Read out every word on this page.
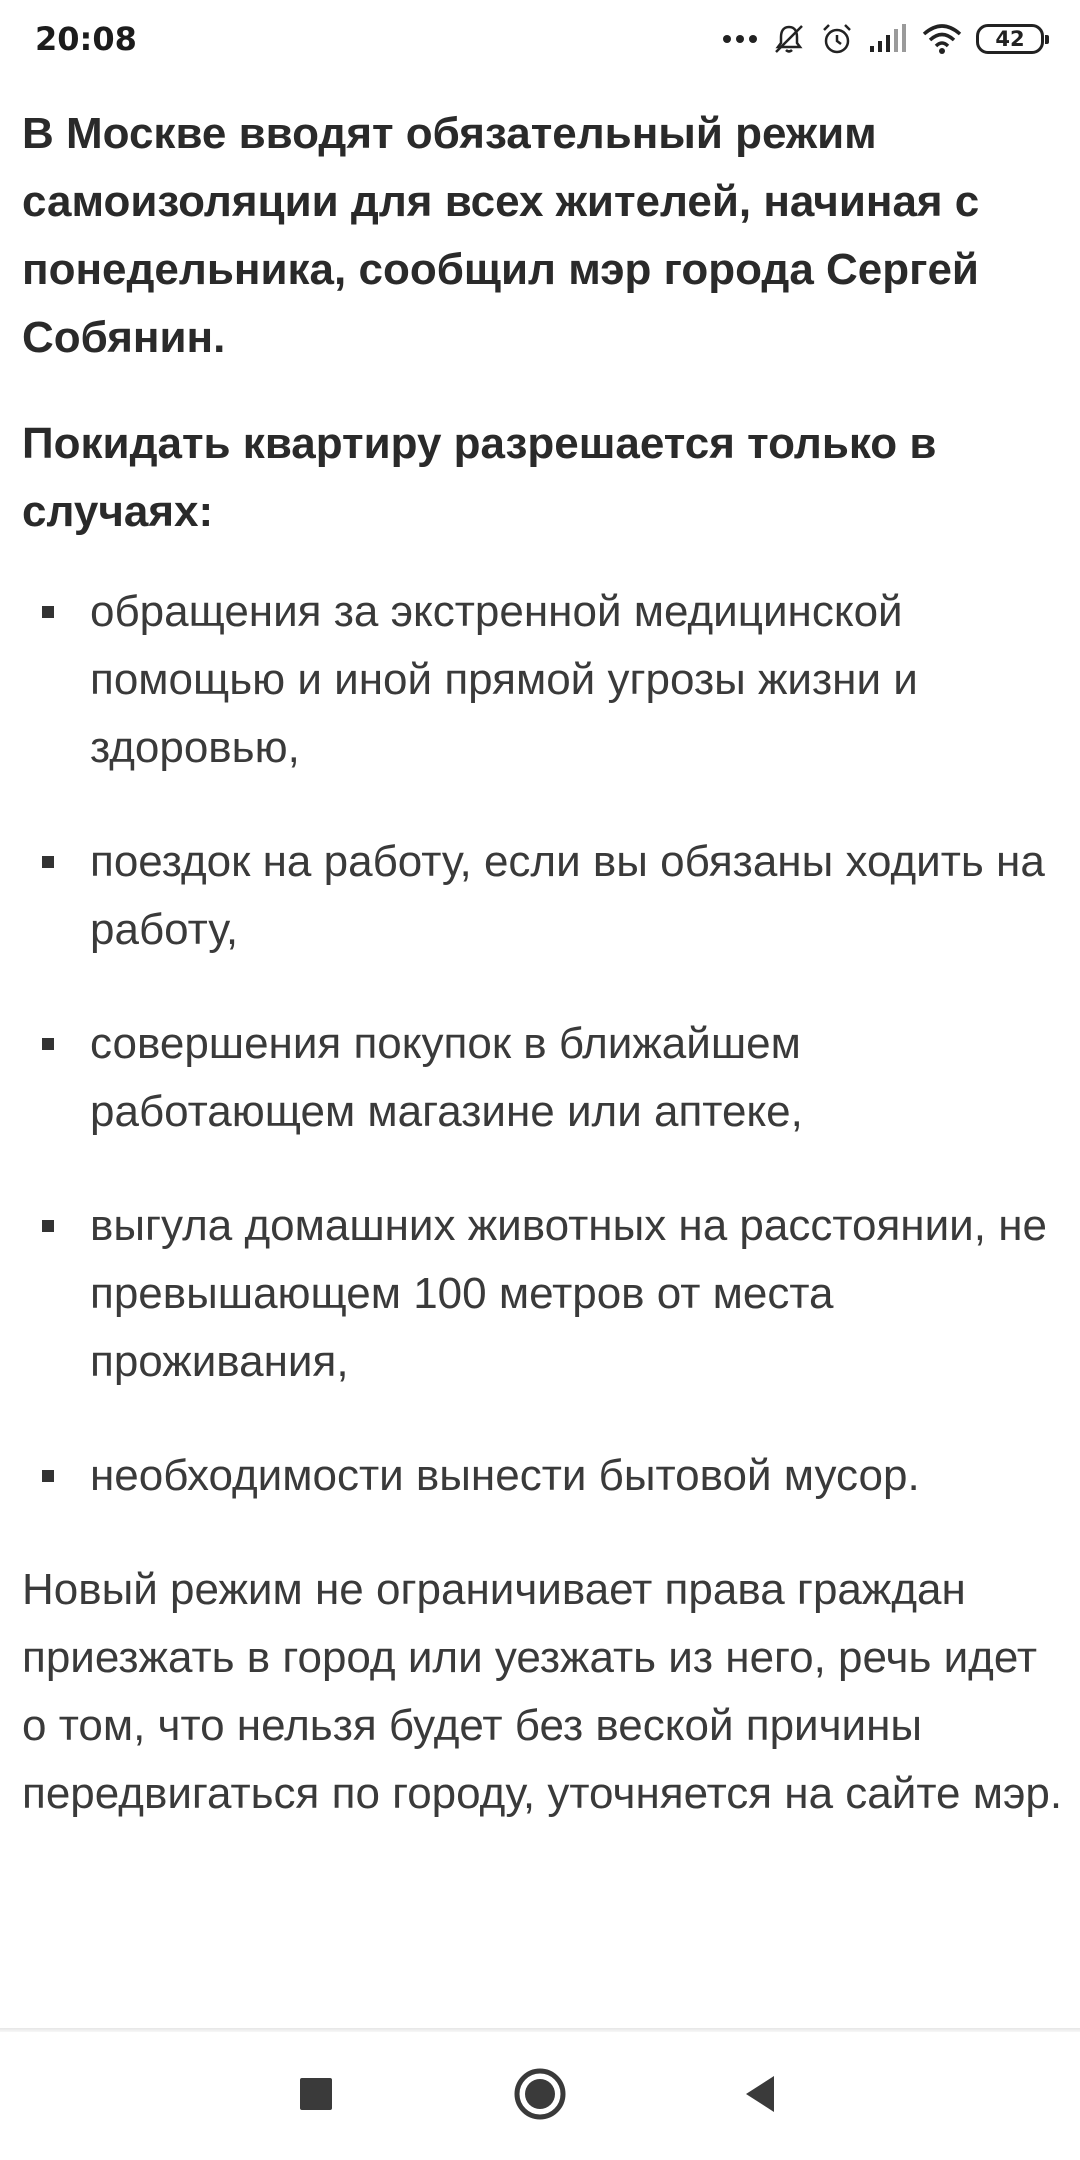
20:08	42

В Москве вводят обязательный режим самоизоляции для всех жителей, начиная с понедельника, сообщил мэр города Сергей Собянин.

Покидать квартиру разрешается только в случаях:

обращения за экстренной медицинской помощью и иной прямой угрозы жизни и здоровью,
поездок на работу, если вы обязаны ходить на работу,
совершения покупок в ближайшем работающем магазине или аптеке,
выгула домашних животных на расстоянии, не превышающем 100 метров от места проживания,
необходимости вынести бытовой мусор.

Новый режим не ограничивает права граждан приезжать в город или уезжать из него, речь идет о том, что нельзя будет без веской причины передвигаться по городу, уточняется на сайте мэр.
